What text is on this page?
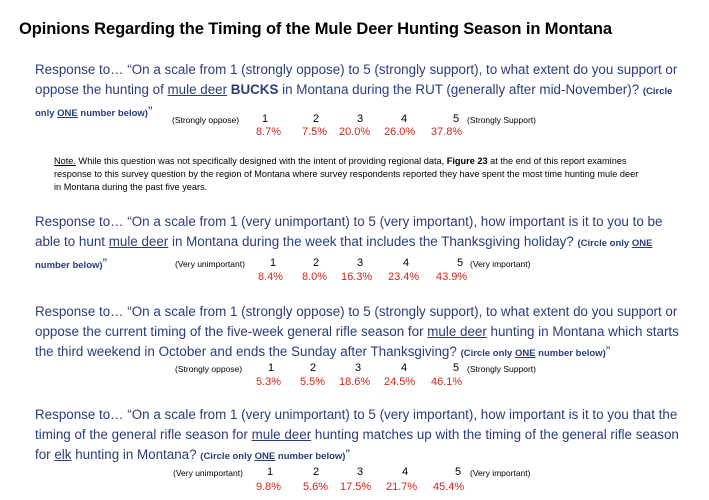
Opinions Regarding the Timing of the Mule Deer Hunting Season in Montana
Response to… “On a scale from 1 (strongly oppose) to 5 (strongly support), to what extent do you support or oppose the hunting of mule deer BUCKS in Montana during the RUT (generally after mid-November)? (Circle only ONE number below)”
(Strongly oppose) 1	2	3	4	5 (Strongly Support)
8.7% 7.5% 20.0% 26.0% 37.8%
Note. While this question was not specifically designed with the intent of providing regional data, Figure 23 at the end of this report examines response to this survey question by the region of Montana where survey respondents reported they have spent the most time hunting mule deer in Montana during the past five years.
Response to… “On a scale from 1 (very unimportant) to 5 (very important), how important is it to you to be able to hunt mule deer in Montana during the week that includes the Thanksgiving holiday? (Circle only ONE number below)”	(Very unimportant) 1	2	3	4	5 (Very important)
8.4% 8.0% 16.3% 23.4% 43.9%
Response to… “On a scale from 1 (strongly oppose) to 5 (strongly support), to what extent do you support or oppose the current timing of the five-week general rifle season for mule deer hunting in Montana which starts the third weekend in October and ends the Sunday after Thanksgiving? (Circle only ONE number below)”
(Strongly oppose) 1	2	3	4	5 (Strongly Support)
5.3% 5.5% 18.6% 24.5% 46.1%
Response to… “On a scale from 1 (very unimportant) to 5 (very important), how important is it to you that the timing of the general rifle season for mule deer hunting matches up with the timing of the general rifle season for elk hunting in Montana? (Circle only ONE number below)”
(Very unimportant) 1	2	3	4	5 (Very important)
9.8% 5.6% 17.5% 21.7% 45.4%
